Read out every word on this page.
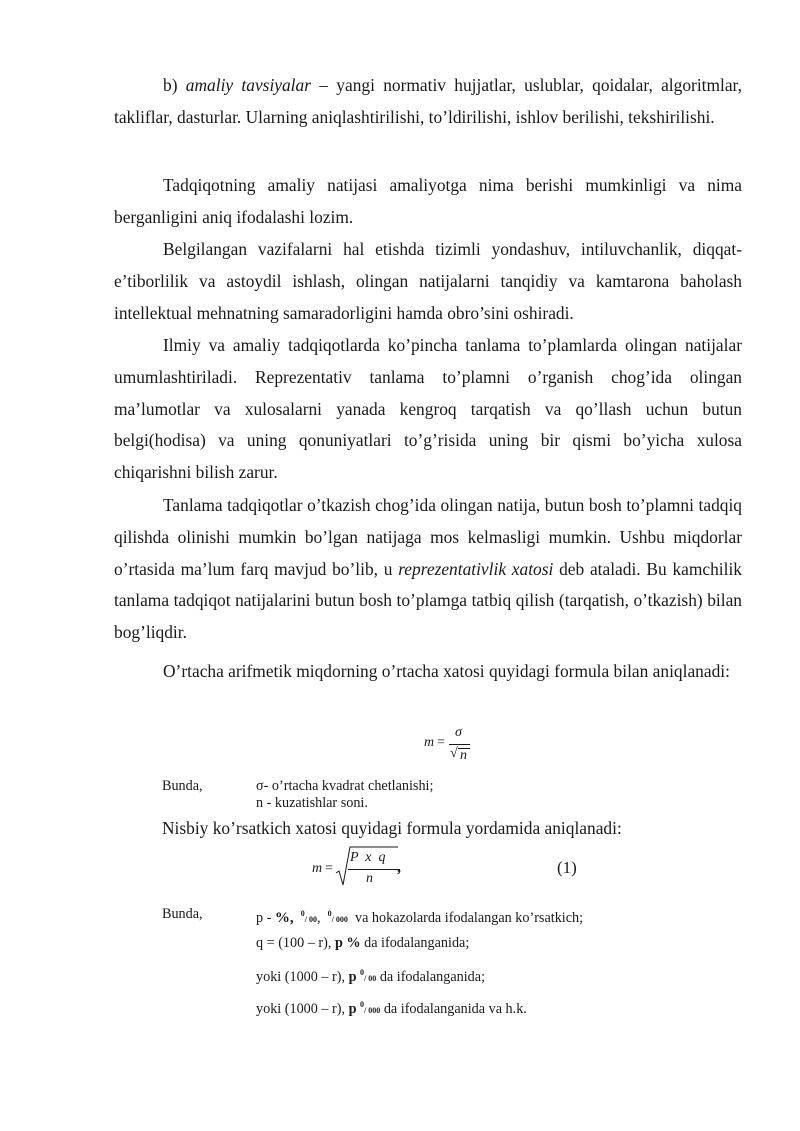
b) amaliy tavsiyalar – yangi normativ hujjatlar, uslublar, qoidalar, algoritmlar, takliflar, dasturlar. Ularning aniqlashtirilishi, to’ldirilishi, ishlov berilishi, tekshirilishi.

Tadqiqotning amaliy natijasi amaliyotga nima berishi mumkinligi va nima berganligini aniq ifodalashi lozim.

Belgilangan vazifalarni hal etishda tizimli yondashuv, intiluvchanlik, diqqat-e’tiborlilik va astoydil ishlash, olingan natijalarni tanqidiy va kamtarona baholash intellektual mehnatning samaradorligini hamda obro’sini oshiradi.

Ilmiy va amaliy tadqiqotlarda ko’pincha tanlama to’plamlarda olingan natijalar umumlashtiriladi. Reprezentativ tanlama to’plamni o’rganish chog’ida olingan ma’lumotlar va xulosalarni yanada kengroq tarqatish va qo’llash uchun butun belgi(hodisa) va uning qonuniyatlari to’g’risida uning bir qismi bo’yicha xulosa chiqarishni bilish zarur.

Tanlama tadqiqotlar o’tkazish chog’ida olingan natija, butun bosh to’plamni tadqiq qilishda olinishi mumkin bo’lgan natijaga mos kelmasligi mumkin. Ushbu miqdorlar o’rtasida ma’lum farq mavjud bo’lib, u reprezentativlik xatosi deb ataladi. Bu kamchilik tanlama tadqiqot natijalarini butun bosh to’plamga tatbiq qilish (tarqatish, o’tkazish) bilan bog’liqdir.

O’rtacha arifmetik miqdorning o’rtacha xatosi quyidagi formula bilan aniqlanadi:

m =
σ
√ n
Bunda,	σ- o’rtacha kvadrat chetlanishi;
n - kuzatishlar soni.
Nisbiy ko’rsatkich xatosi quyidagi formula yordamida aniqlanadi:
m =
P  x  q
n
,	(1)
Bunda,	p - %, $^0$/ 00,  $^0$/ 000  va hokazolarda ifodalangan ko’rsatkich;
q = (100 – r), p % da ifodalanganida;
yoki (1000 – r), p $^0$/ 00 da ifodalanganida;
yoki (1000 – r), p $^0$/ 000 da ifodalanganida va h.k.
